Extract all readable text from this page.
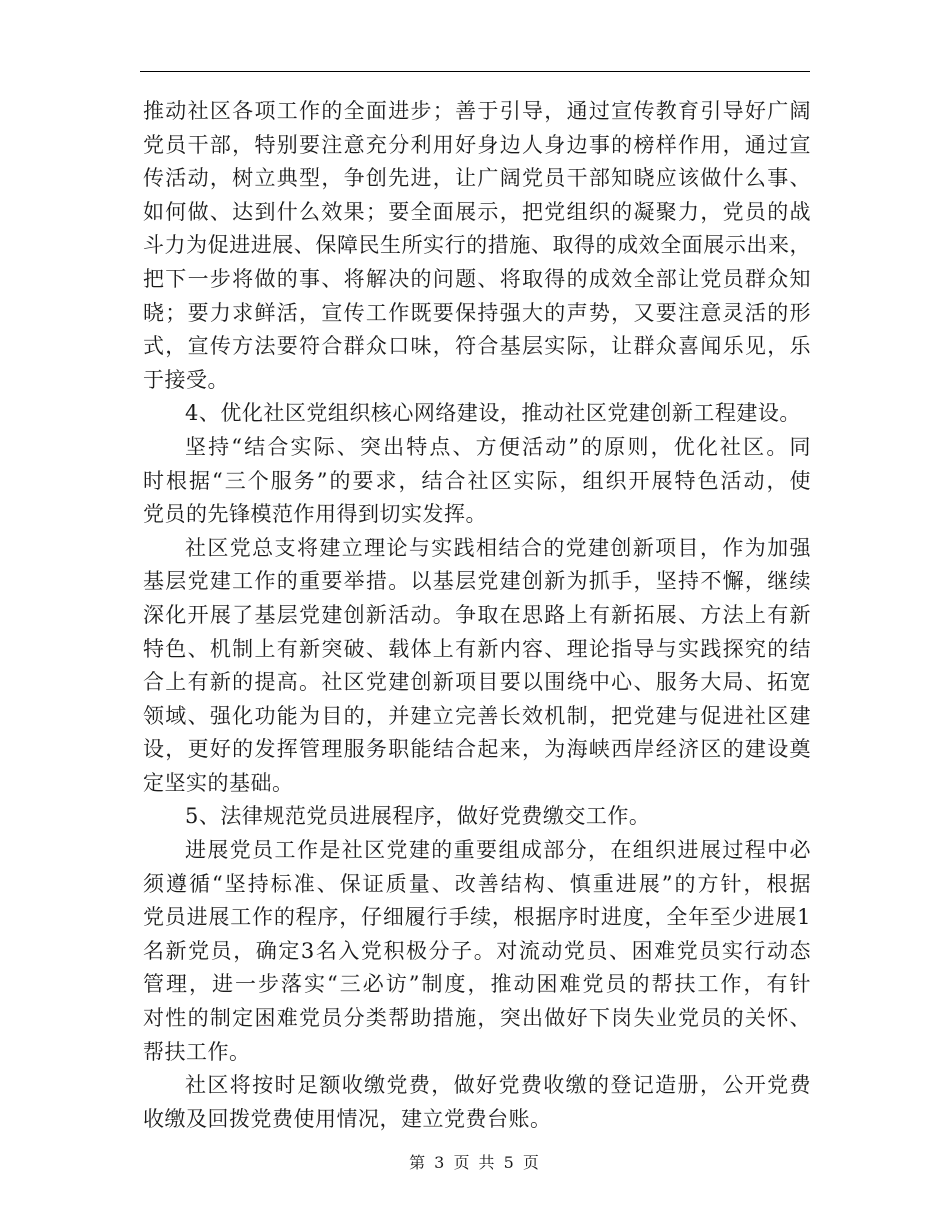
推动社区各项工作的全面进步；善于引导，通过宣传教育引导好广阔
党员干部，特别要注意充分利用好身边人身边事的榜样作用，通过宣
传活动，树立典型，争创先进，让广阔党员干部知晓应该做什么事、
如何做、达到什么效果；要全面展示，把党组织的凝聚力，党员的战
斗力为促进进展、保障民生所实行的措施、取得的成效全面展示出来，
把下一步将做的事、将解决的问题、将取得的成效全部让党员群众知
晓；要力求鲜活，宣传工作既要保持强大的声势，又要注意灵活的形
式，宣传方法要符合群众口味，符合基层实际，让群众喜闻乐见，乐
于接受。
4、优化社区党组织核心网络建设，推动社区党建创新工程建设。
坚持“结合实际、突出特点、方便活动”的原则，优化社区。同
时根据“三个服务”的要求，结合社区实际，组织开展特色活动，使
党员的先锋模范作用得到切实发挥。
社区党总支将建立理论与实践相结合的党建创新项目，作为加强
基层党建工作的重要举措。以基层党建创新为抓手，坚持不懈，继续
深化开展了基层党建创新活动。争取在思路上有新拓展、方法上有新
特色、机制上有新突破、载体上有新内容、理论指导与实践探究的结
合上有新的提高。社区党建创新项目要以围绕中心、服务大局、拓宽
领域、强化功能为目的，并建立完善长效机制，把党建与促进社区建
设，更好的发挥管理服务职能结合起来，为海峡西岸经济区的建设奠
定坚实的基础。
5、法律规范党员进展程序，做好党费缴交工作。
进展党员工作是社区党建的重要组成部分，在组织进展过程中必
须遵循“坚持标准、保证质量、改善结构、慎重进展”的方针，根据
党员进展工作的程序，仔细履行手续，根据序时进度，全年至少进展1
名新党员，确定3名入党积极分子。对流动党员、困难党员实行动态
管理，进一步落实“三必访”制度，推动困难党员的帮扶工作，有针
对性的制定困难党员分类帮助措施，突出做好下岗失业党员的关怀、
帮扶工作。
社区将按时足额收缴党费，做好党费收缴的登记造册，公开党费
收缴及回拨党费使用情况，建立党费台账。
第 3 页 共 5 页
